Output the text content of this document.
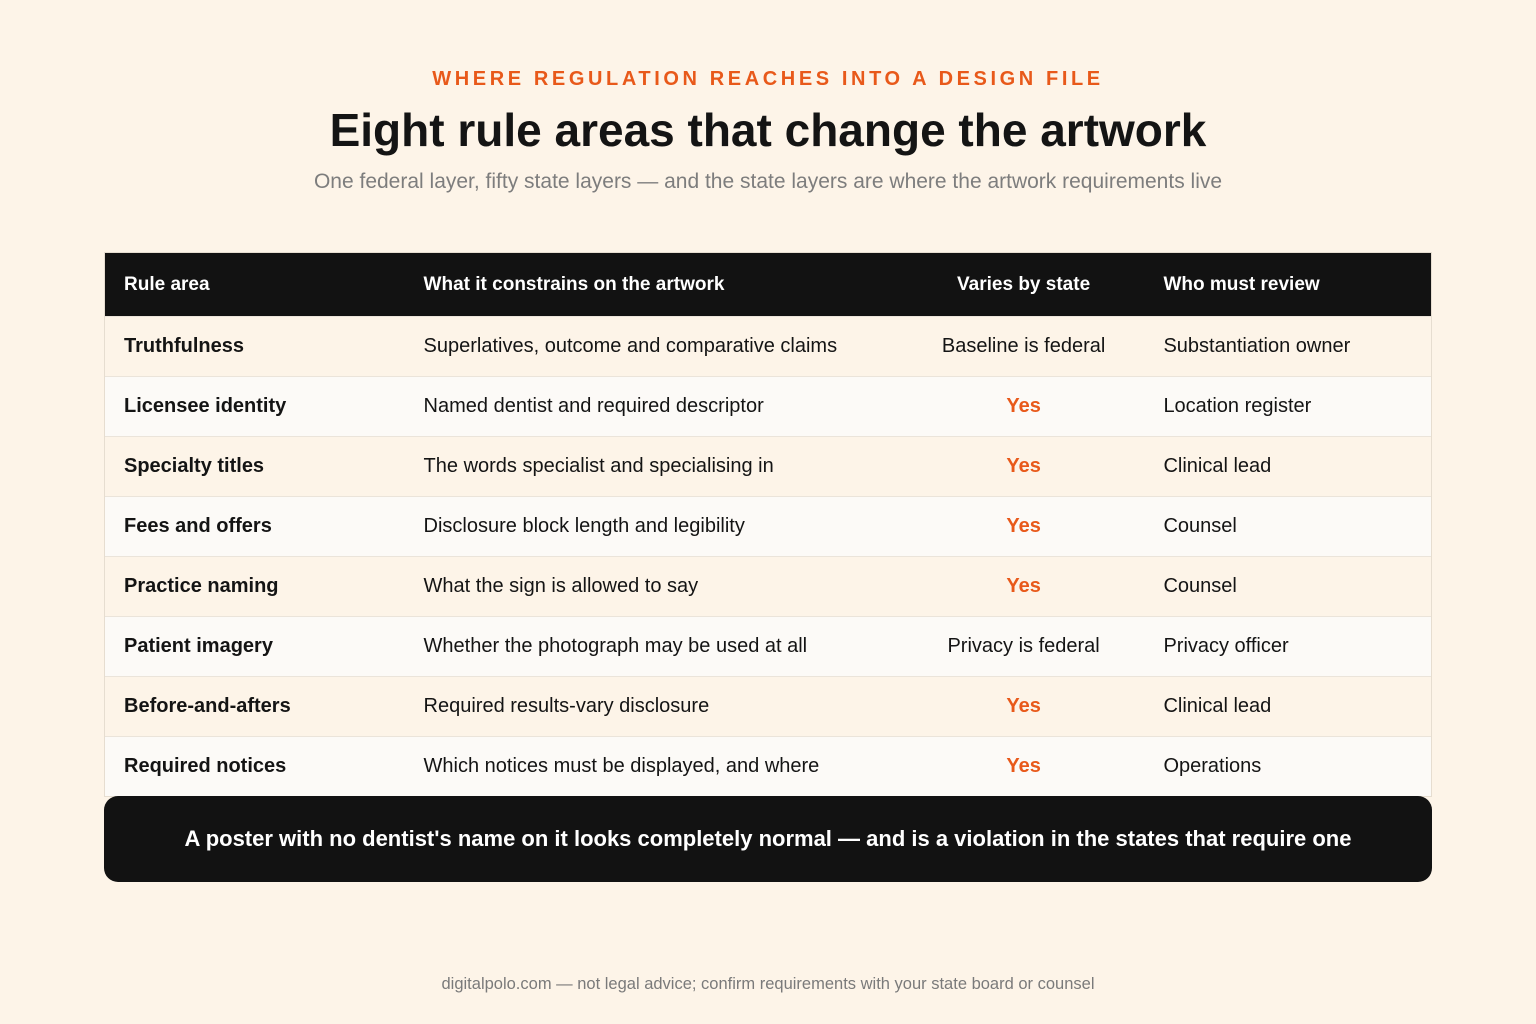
WHERE REGULATION REACHES INTO A DESIGN FILE
Eight rule areas that change the artwork
One federal layer, fifty state layers — and the state layers are where the artwork requirements live
Rule area	What it constrains on the artwork	Varies by state	Who must review
Truthfulness	Superlatives, outcome and comparative claims	Baseline is federal	Substantiation owner
Licensee identity	Named dentist and required descriptor	Yes	Location register
Specialty titles	The words specialist and specialising in	Yes	Clinical lead
Fees and offers	Disclosure block length and legibility	Yes	Counsel
Practice naming	What the sign is allowed to say	Yes	Counsel
Patient imagery	Whether the photograph may be used at all	Privacy is federal	Privacy officer
Before-and-afters	Required results-vary disclosure	Yes	Clinical lead
Required notices	Which notices must be displayed, and where	Yes	Operations
A poster with no dentist's name on it looks completely normal — and is a violation in the states that require one
digitalpolo.com — not legal advice; confirm requirements with your state board or counsel
